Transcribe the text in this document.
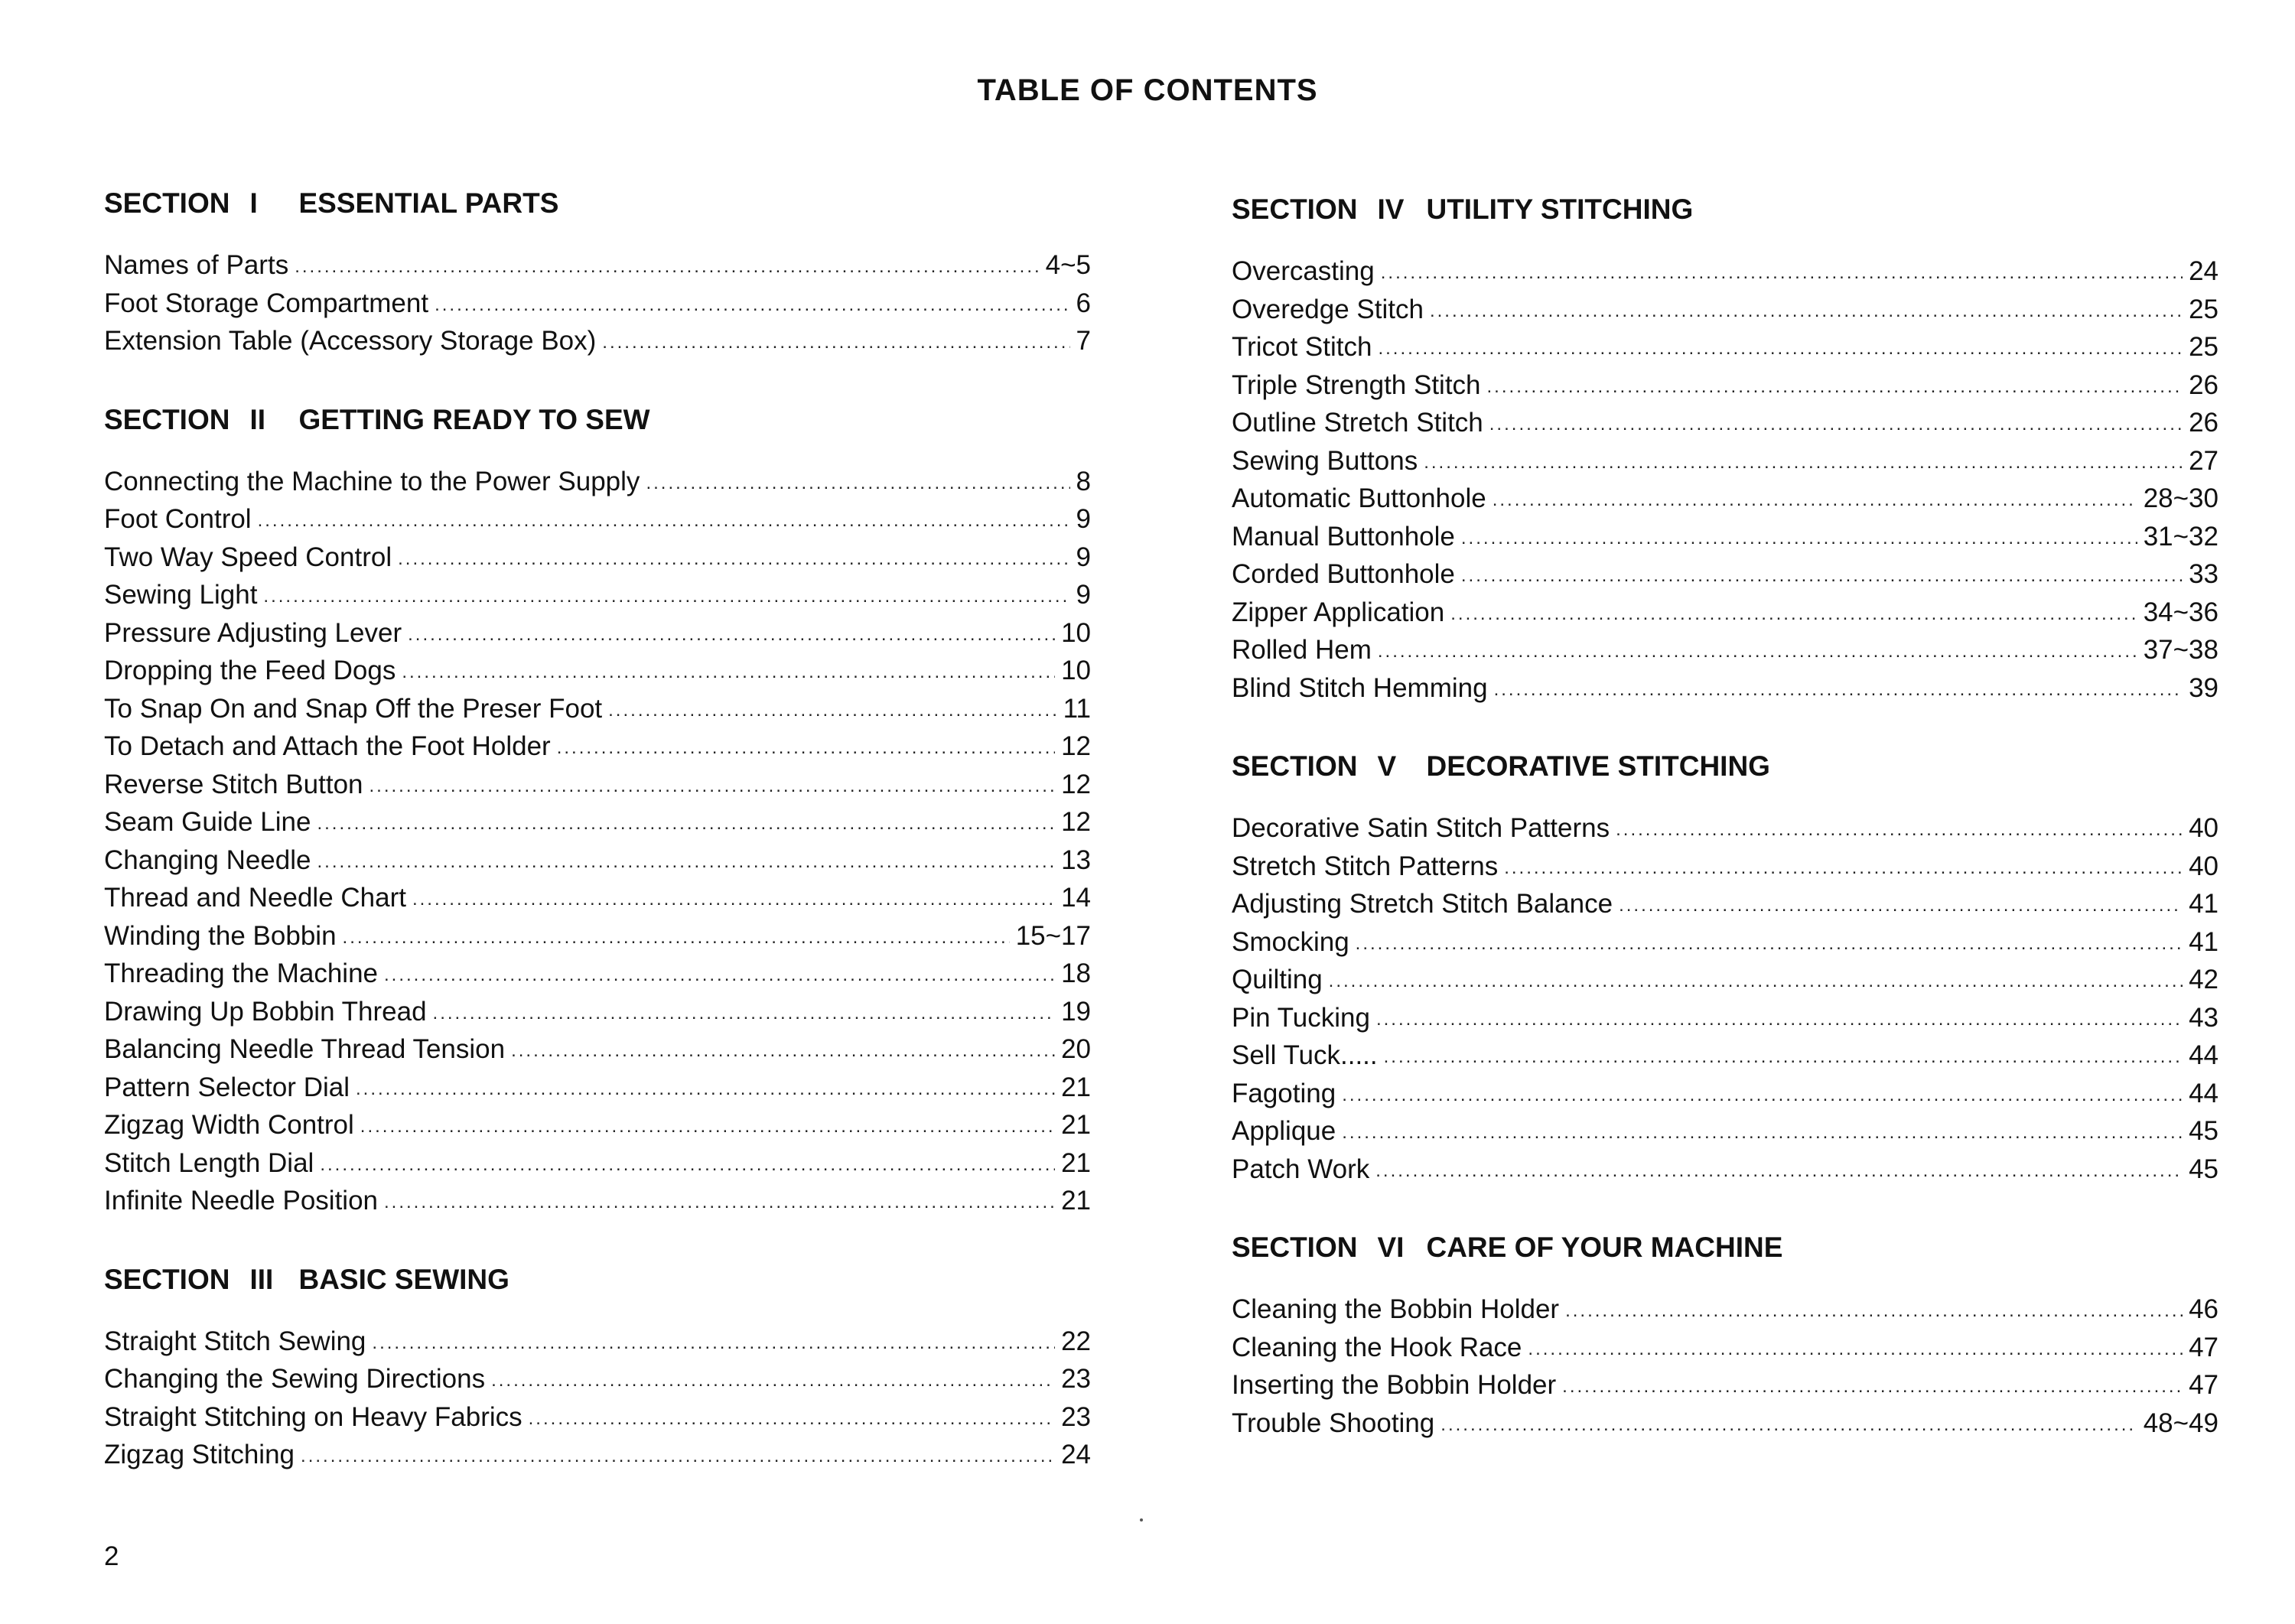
TABLE OF CONTENTS
SECTION I ESSENTIAL PARTS
Names of Parts .....	4~5
Foot Storage Compartment .....	6
Extension Table (Accessory Storage Box) .....	7
SECTION II GETTING READY TO SEW
Connecting the Machine to the Power Supply .....	8
Foot Control .....	9
Two Way Speed Control .....	9
Sewing Light .....	9
Pressure Adjusting Lever .....	10
Dropping the Feed Dogs .....	10
To Snap On and Snap Off the Preser Foot .....	11
To Detach and Attach the Foot Holder .....	12
Reverse Stitch Button .....	12
Seam Guide Line .....	12
Changing Needle .....	13
Thread and Needle Chart .....	14
Winding the Bobbin .....	15~17
Threading the Machine .....	18
Drawing Up Bobbin Thread .....	19
Balancing Needle Thread Tension .....	20
Pattern Selector Dial .....	21
Zigzag Width Control .....	21
Stitch Length Dial .....	21
Infinite Needle Position .....	21
SECTION III BASIC SEWING
Straight Stitch Sewing .....	22
Changing the Sewing Directions .....	23
Straight Stitching on Heavy Fabrics .....	23
Zigzag Stitching .....	24
SECTION IV UTILITY STITCHING
Overcasting .....	24
Overedge Stitch .....	25
Tricot Stitch .....	25
Triple Strength Stitch .....	26
Outline Stretch Stitch .....	26
Sewing Buttons .....	27
Automatic Buttonhole .....	28~30
Manual Buttonhole .....	31~32
Corded Buttonhole .....	33
Zipper Application .....	34~36
Rolled Hem .....	37~38
Blind Stitch Hemming .....	39
SECTION V DECORATIVE STITCHING
Decorative Satin Stitch Patterns .....	40
Stretch Stitch Patterns .....	40
Adjusting Stretch Stitch Balance .....	41
Smocking .....	41
Quilting .....	42
Pin Tucking .....	43
Sell Tuck..... .....	44
Fagoting .....	44
Applique .....	45
Patch Work .....	45
SECTION VI CARE OF YOUR MACHINE
Cleaning the Bobbin Holder .....	46
Cleaning the Hook Race .....	47
Inserting the Bobbin Holder .....	47
Trouble Shooting .....	48~49
2
